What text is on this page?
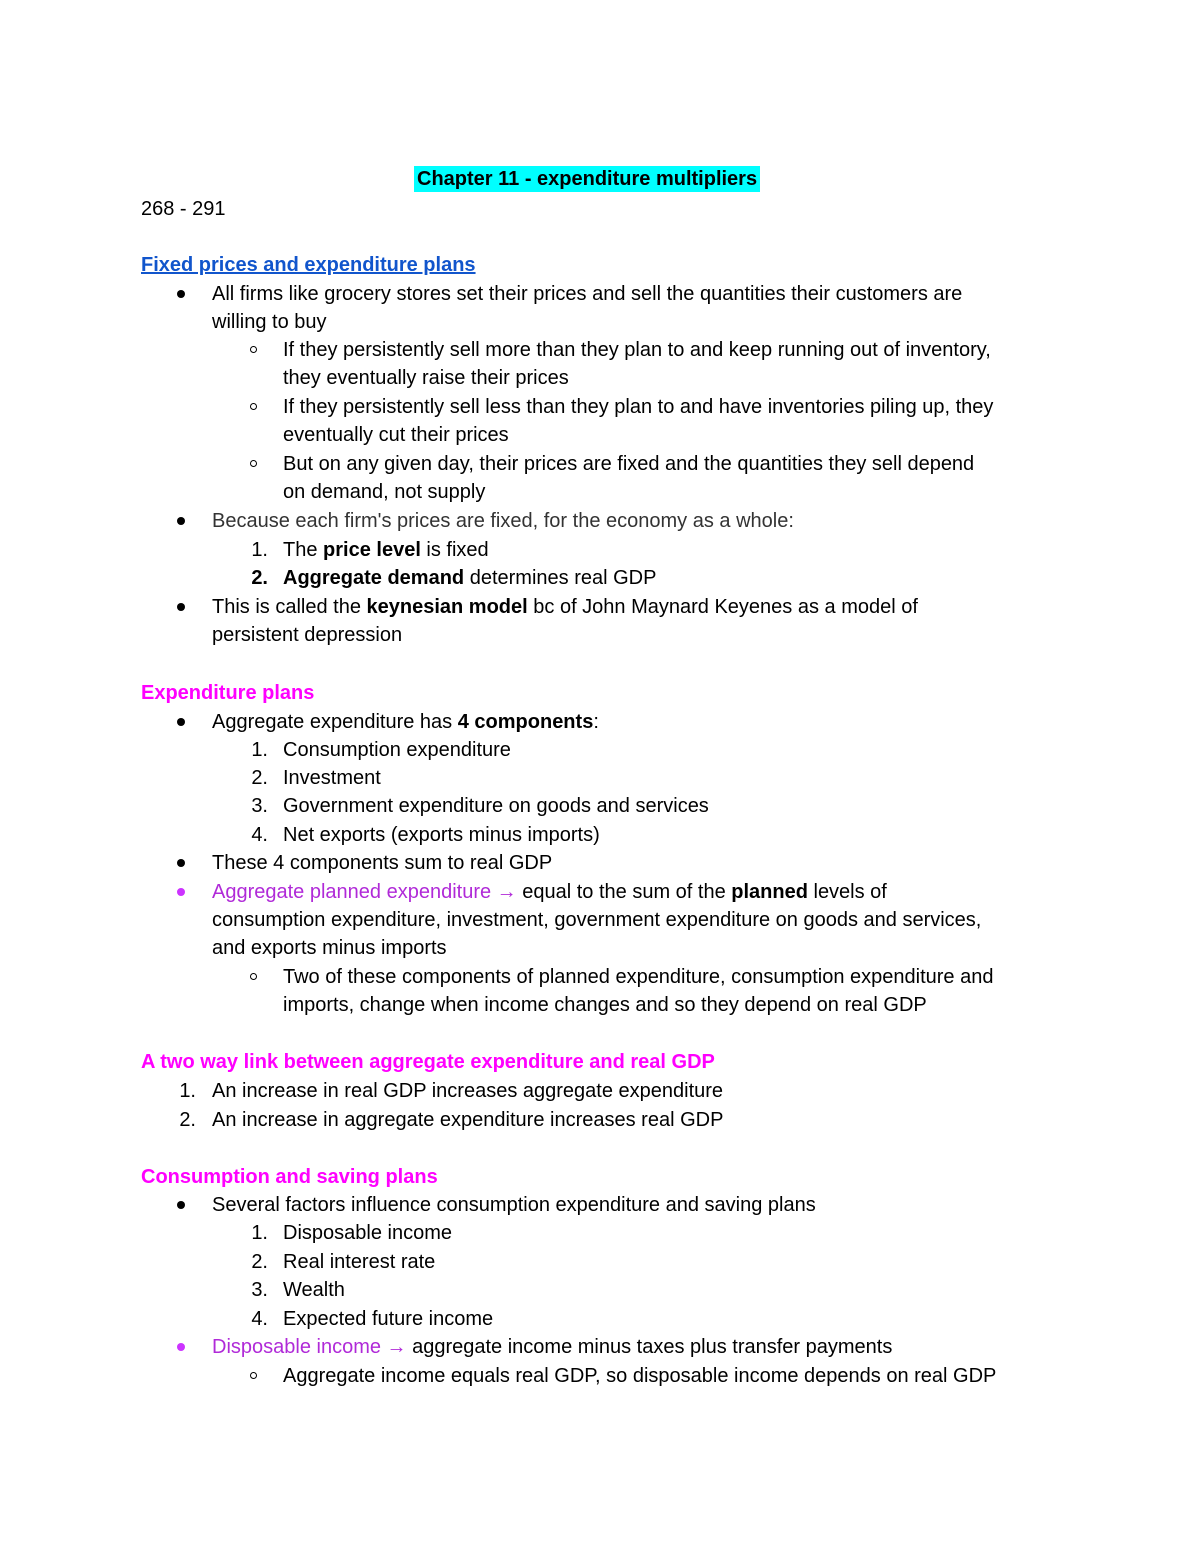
Chapter 11 - expenditure multipliers
268 - 291
Fixed prices and expenditure plans
All firms like grocery stores set their prices and sell the quantities their customers are
willing to buy
If they persistently sell more than they plan to and keep running out of inventory,
they eventually raise their prices
If they persistently sell less than they plan to and have inventories piling up, they
eventually cut their prices
But on any given day, their prices are fixed and the quantities they sell depend
on demand, not supply
Because each firm's prices are fixed, for the economy as a whole:
1. The price level is fixed
2. Aggregate demand determines real GDP
This is called the keynesian model bc of John Maynard Keyenes as a model of
persistent depression
Expenditure plans
Aggregate expenditure has 4 components:
1. Consumption expenditure
2. Investment
3. Government expenditure on goods and services
4. Net exports (exports minus imports)
These 4 components sum to real GDP
Aggregate planned expenditure → equal to the sum of the planned levels of
consumption expenditure, investment, government expenditure on goods and services,
and exports minus imports
Two of these components of planned expenditure, consumption expenditure and
imports, change when income changes and so they depend on real GDP
A two way link between aggregate expenditure and real GDP
1. An increase in real GDP increases aggregate expenditure
2. An increase in aggregate expenditure increases real GDP
Consumption and saving plans
Several factors influence consumption expenditure and saving plans
1. Disposable income
2. Real interest rate
3. Wealth
4. Expected future income
Disposable income → aggregate income minus taxes plus transfer payments
Aggregate income equals real GDP, so disposable income depends on real GDP
